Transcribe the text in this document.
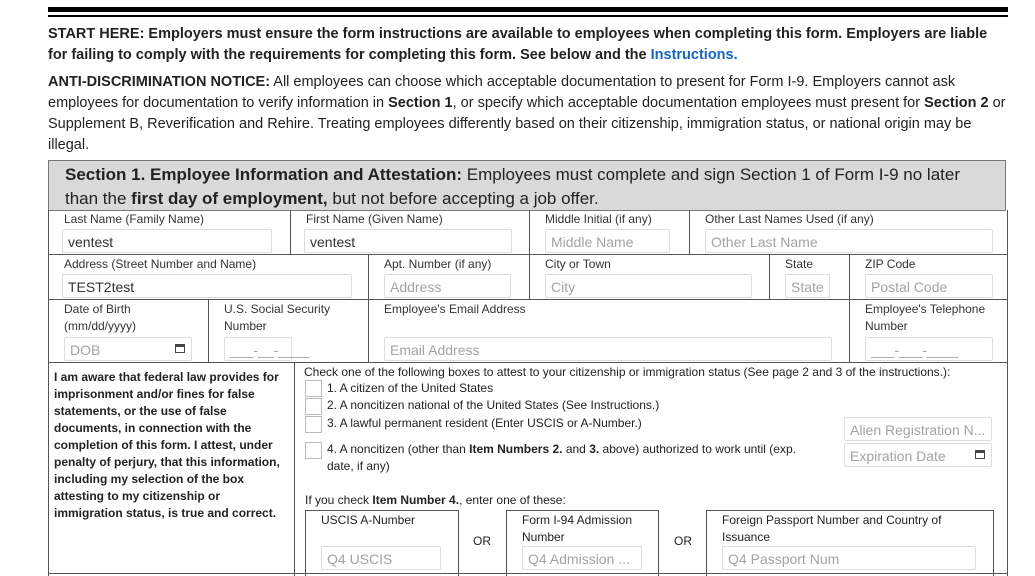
START HERE: Employers must ensure the form instructions are available to employees when completing this form. Employers are liable for failing to comply with the requirements for completing this form. See below and the Instructions.

ANTI-DISCRIMINATION NOTICE: All employees can choose which acceptable documentation to present for Form I-9. Employers cannot ask employees for documentation to verify information in Section 1, or specify which acceptable documentation employees must present for Section 2 or Supplement B, Reverification and Rehire. Treating employees differently based on their citizenship, immigration status, or national origin may be illegal.

Section 1. Employee Information and Attestation: Employees must complete and sign Section 1 of Form I-9 no later than the first day of employment, but not before accepting a job offer.
Last Name (Family Name)
ventest
First Name (Given Name)
ventest
Middle Initial (if any)
Middle Name
Other Last Names Used (if any)
Other Last Name
Address (Street Number and Name)
TEST2test
Apt. Number (if any)
Address
City or Town
City
State
State
ZIP Code
Postal Code
Date of Birth (mm/dd/yyyy)
DOB
U.S. Social Security Number
___-__-____
Employee's Email Address
Email Address
Employee's Telephone Number
___-___-____
I am aware that federal law provides for imprisonment and/or fines for false statements, or the use of false documents, in connection with the completion of this form. I attest, under penalty of perjury, that this information, including my selection of the box attesting to my citizenship or immigration status, is true and correct.
Check one of the following boxes to attest to your citizenship or immigration status (See page 2 and 3 of the instructions.):
1. A citizen of the United States
2. A noncitizen national of the United States (See Instructions.)
3. A lawful permanent resident (Enter USCIS or A-Number.)
4. A noncitizen (other than Item Numbers 2. and 3. above) authorized to work until (exp. date, if any)
Alien Registration N...
Expiration Date
If you check Item Number 4., enter one of these:
USCIS A-Number
Q4 USCIS
OR
Form I-94 Admission Number
Q4 Admission ...
OR
Foreign Passport Number and Country of Issuance
Q4 Passport Num
